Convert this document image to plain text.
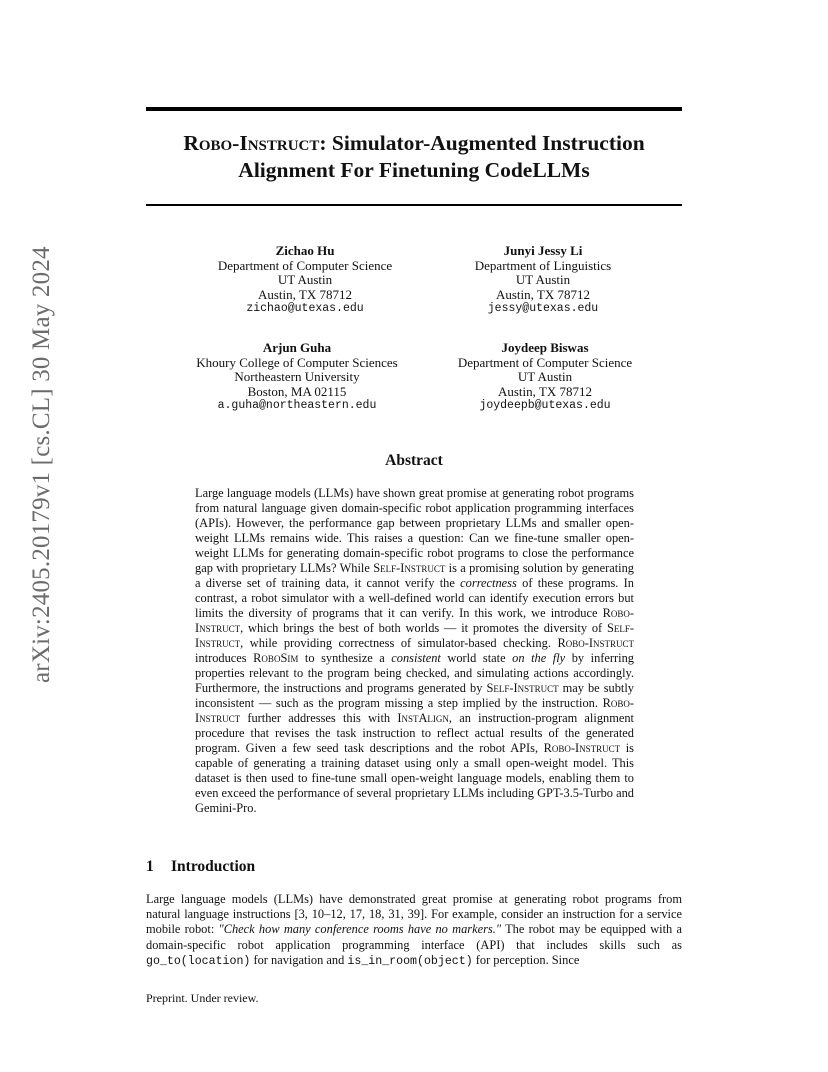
Robo-Instruct: Simulator-Augmented Instruction
Alignment For Finetuning CodeLLMs
arXiv:2405.20179v1 [cs.CL] 30 May 2024	Zichao Hu
Department of Computer Science
UT Austin
Austin, TX 78712
zichao@utexas.edu
Junyi Jessy Li
Department of Linguistics
UT Austin
Austin, TX 78712
jessy@utexas.edu
Arjun Guha
Khoury College of Computer Sciences
Northeastern University
Boston, MA 02115
a.guha@northeastern.edu
Joydeep Biswas
Department of Computer Science
UT Austin
Austin, TX 78712
joydeepb@utexas.edu
Abstract

Large language models (LLMs) have shown great promise at generating robot programs from natural language given domain-specific robot application programming interfaces (APIs). However, the performance gap between proprietary LLMs and smaller open-weight LLMs remains wide. This raises a question: Can we fine-tune smaller open-weight LLMs for generating domain-specific robot programs to close the performance gap with proprietary LLMs? While Self-Instruct is a promising solution by generating a diverse set of training data, it cannot verify the correctness of these programs. In contrast, a robot simulator with a well-defined world can identify execution errors but limits the diversity of programs that it can verify. In this work, we introduce Robo-Instruct, which brings the best of both worlds — it promotes the diversity of Self-Instruct, while providing correctness of simulator-based checking. Robo-Instruct introduces RoboSim to synthesize a consistent world state on the fly by inferring properties relevant to the program being checked, and simulating actions accordingly. Furthermore, the instructions and programs generated by Self-Instruct may be subtly inconsistent — such as the program missing a step implied by the instruction. Robo-Instruct further addresses this with InstAlign, an instruction-program alignment procedure that revises the task instruction to reflect actual results of the generated program. Given a few seed task descriptions and the robot APIs, Robo-Instruct is capable of generating a training dataset using only a small open-weight model. This dataset is then used to fine-tune small open-weight language models, enabling them to even exceed the performance of several proprietary LLMs including GPT-3.5-Turbo and Gemini-Pro.

1 Introduction

Large language models (LLMs) have demonstrated great promise at generating robot programs from natural language instructions [3, 10–12, 17, 18, 31, 39]. For example, consider an instruction for a service mobile robot: "Check how many conference rooms have no markers." The robot may be equipped with a domain-specific robot application programming interface (API) that includes skills such as go_to(location) for navigation and is_in_room(object) for perception. Since

Preprint. Under review.
